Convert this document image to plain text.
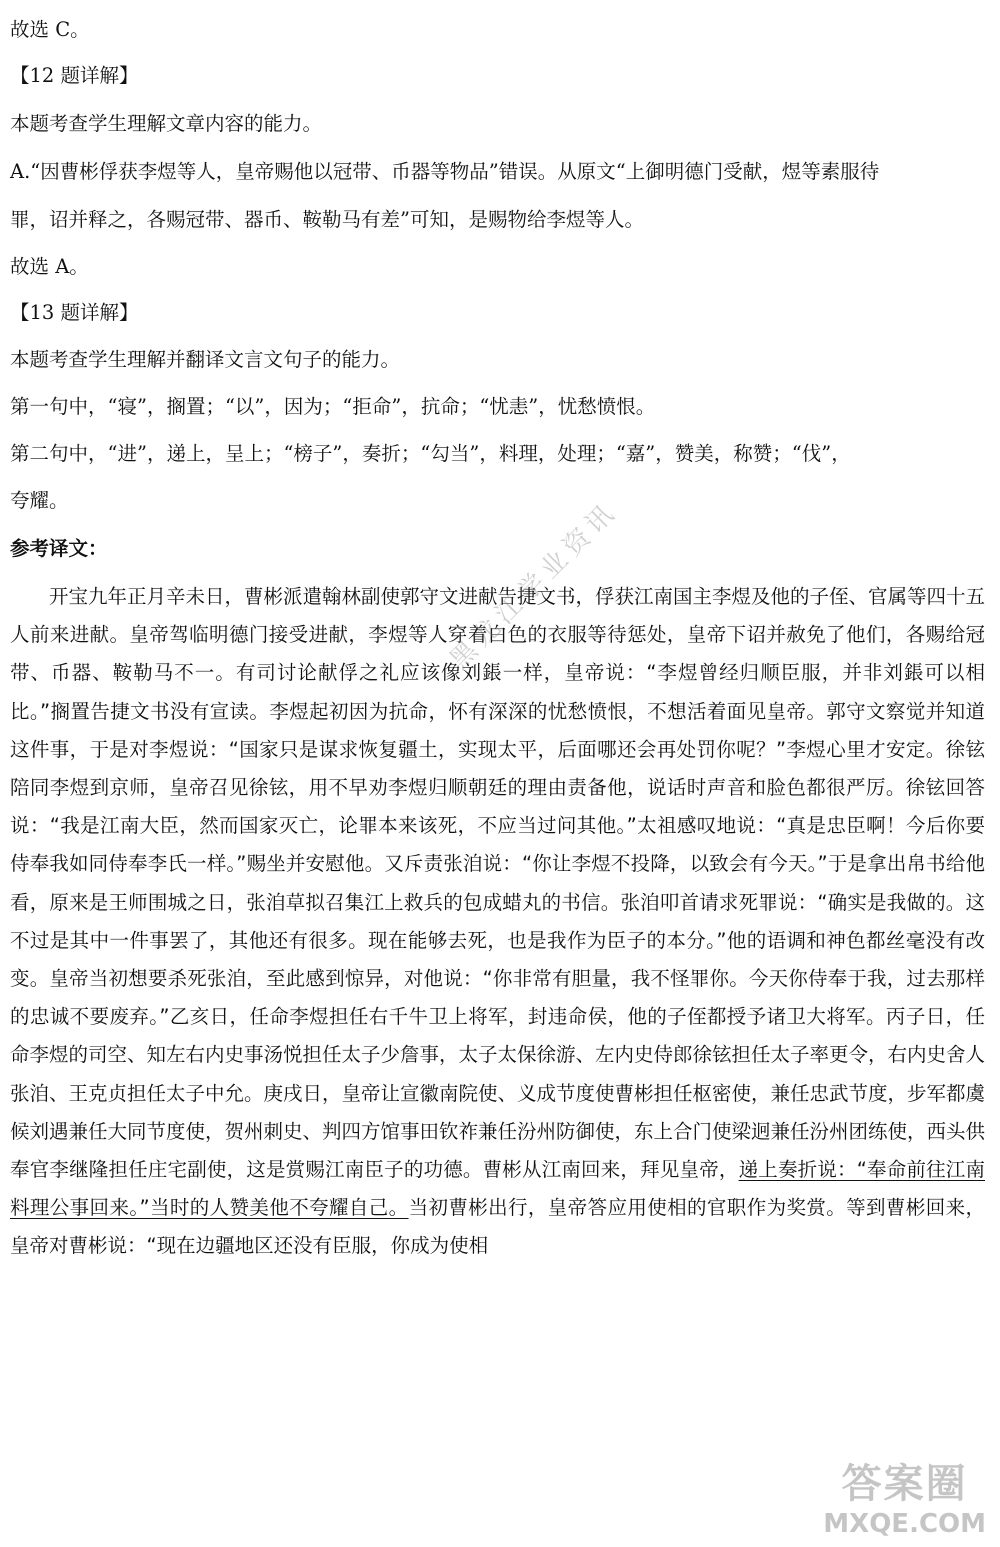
故选 C。
【12 题详解】
本题考查学生理解文章内容的能力。
A.“因曹彬俘获李煜等人，皇帝赐他以冠带、币器等物品”错误。从原文“上御明德门受献，煜等素服待
罪，诏并释之，各赐冠带、器币、鞍勒马有差”可知，是赐物给李煜等人。
故选 A。
【13 题详解】
本题考查学生理解并翻译文言文句子的能力。
第一句中，“寝”，搁置；“以”，因为；“拒命”，抗命；“忧恚”，忧愁愤恨。
第二句中，“进”，递上，呈上；“榜子”，奏折；“勾当”，料理，处理；“嘉”，赞美，称赞；“伐”，
夸耀。
参考译文：
开宝九年正月辛未日，曹彬派遣翰林副使郭守文进献告捷文书，俘获江南国主李煜及他的子侄、官属等四十五人前来进献。皇帝驾临明德门接受进献，李煜等人穿着白色的衣服等待惩处，皇帝下诏并赦免了他们，各赐给冠带、币器、鞍勒马不一。有司讨论献俘之礼应该像刘鋹一样，皇帝说：“李煜曾经归顺臣服，并非刘鋹可以相比。”搁置告捷文书没有宣读。李煜起初因为抗命，怀有深深的忧愁愤恨，不想活着面见皇帝。郭守文察觉并知道这件事，于是对李煜说：“国家只是谋求恢复疆土，实现太平，后面哪还会再处罚你呢？”李煜心里才安定。徐铉陪同李煜到京师，皇帝召见徐铉，用不早劝李煜归顺朝廷的理由责备他，说话时声音和脸色都很严厉。徐铉回答说：“我是江南大臣，然而国家灭亡，论罪本来该死，不应当过问其他。”太祖感叹地说：“真是忠臣啊！今后你要侍奉我如同侍奉李氏一样。”赐坐并安慰他。又斥责张洎说：“你让李煜不投降，以致会有今天。”于是拿出帛书给他看，原来是王师围城之日，张洎草拟召集江上救兵的包成蜡丸的书信。张洎叩首请求死罪说：“确实是我做的。这不过是其中一件事罢了，其他还有很多。现在能够去死，也是我作为臣子的本分。”他的语调和神色都丝毫没有改变。皇帝当初想要杀死张洎，至此感到惊异，对他说：“你非常有胆量，我不怪罪你。今天你侍奉于我，过去那样的忠诚不要废弃。”乙亥日，任命李煜担任右千牛卫上将军，封违命侯，他的子侄都授予诸卫大将军。丙子日，任命李煜的司空、知左右内史事汤悦担任太子少詹事，太子太保徐游、左内史侍郎徐铉担任太子率更令，右内史舍人张洎、王克贞担任太子中允。庚戌日，皇帝让宣徽南院使、义成节度使曹彬担任枢密使，兼任忠武节度，步军都虞候刘遇兼任大同节度使，贺州刺史、判四方馆事田钦祚兼任汾州防御使，东上合门使梁迥兼任汾州团练使，西头供奉官李继隆担任庄宅副使，这是赏赐江南臣子的功德。曹彬从江南回来，拜见皇帝，递上奏折说：“奉命前往江南料理公事回来。”当时的人赞美他不夸耀自己。当初曹彬出行，皇帝答应用使相的官职作为奖赏。等到曹彬回来，皇帝对曹彬说：“现在边疆地区还没有臣服，你成为使相
黑龙江学业资讯
答案圈
MXQE.COM
